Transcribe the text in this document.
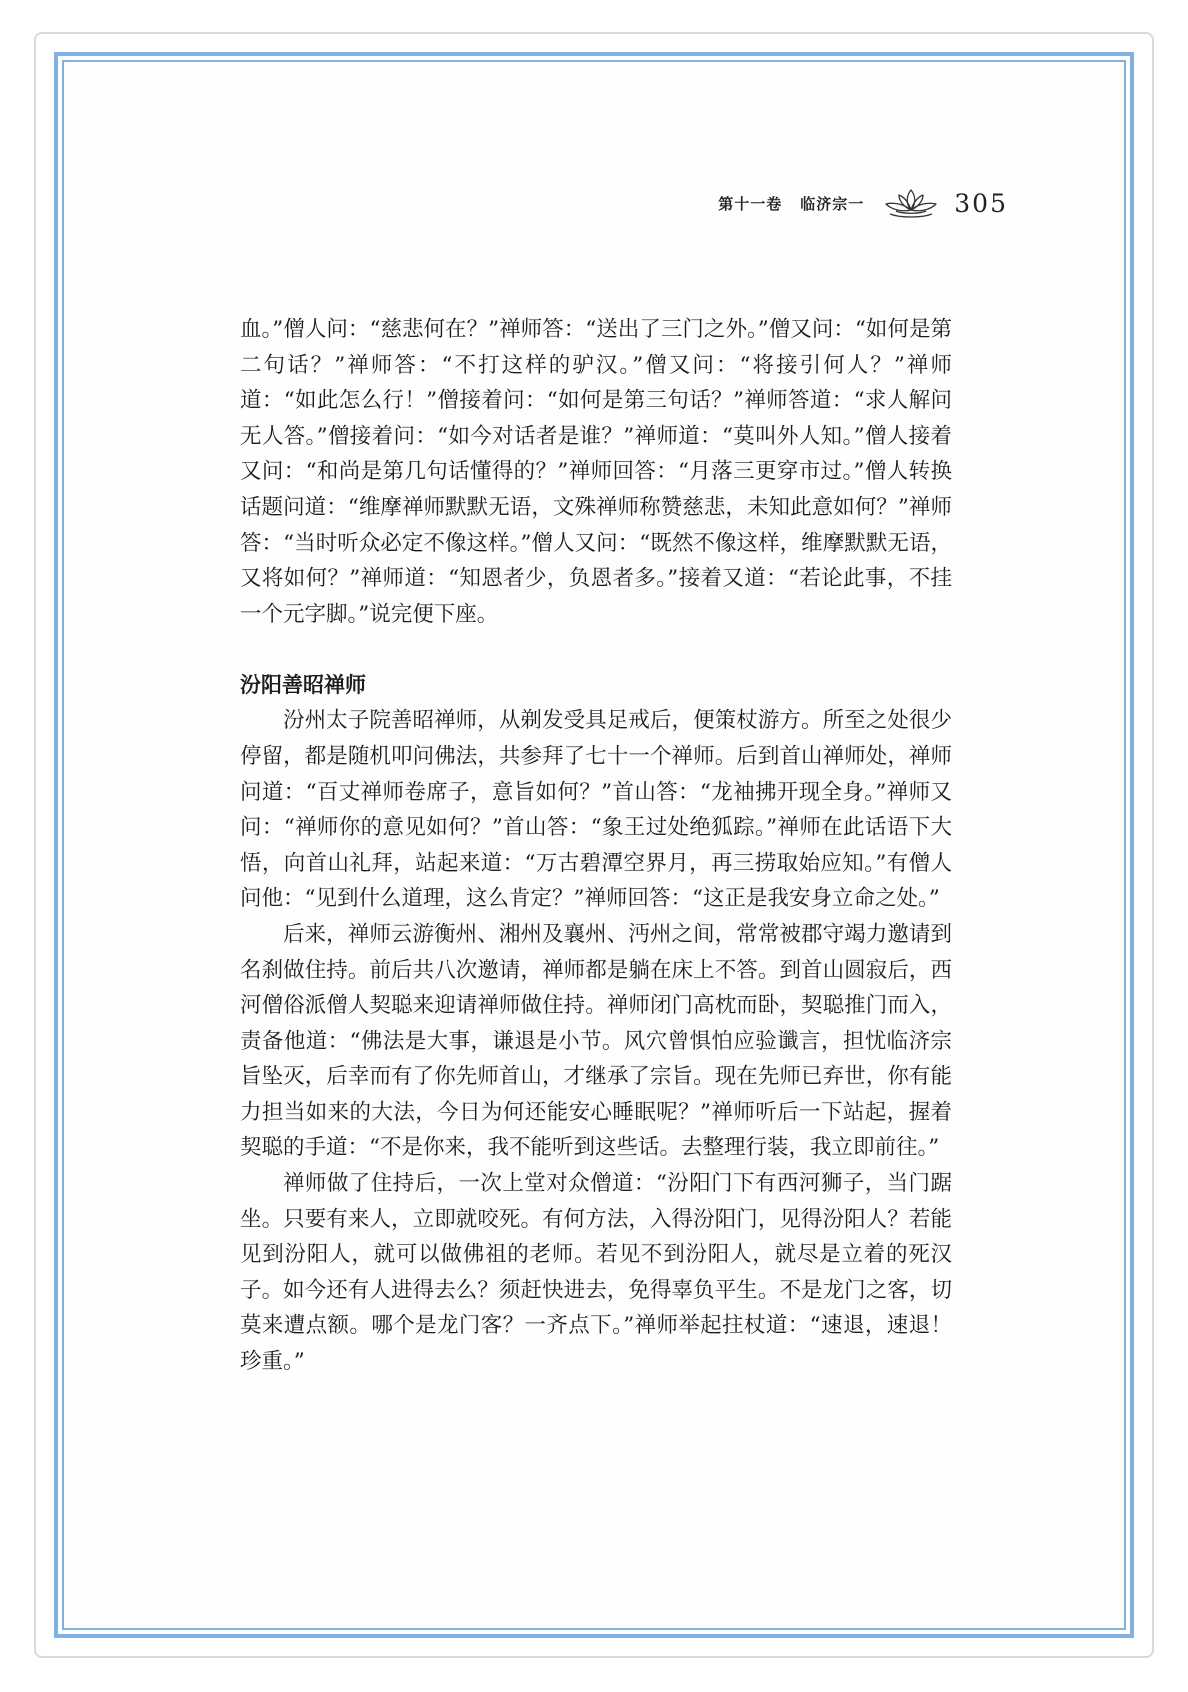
第十一卷 临济宗一	305

血。”僧人问：“慈悲何在？”禅师答：“送出了三门之外。”僧又问：“如何是第二句话？”禅师答：“不打这样的驴汉。”僧又问：“将接引何人？”禅师道：“如此怎么行！”僧接着问：“如何是第三句话？”禅师答道：“求人解问无人答。”僧接着问：“如今对话者是谁？”禅师道：“莫叫外人知。”僧人接着又问：“和尚是第几句话懂得的？”禅师回答：“月落三更穿市过。”僧人转换话题问道：“维摩禅师默默无语，文殊禅师称赞慈悲，未知此意如何？”禅师答：“当时听众必定不像这样。”僧人又问：“既然不像这样，维摩默默无语，又将如何？”禅师道：“知恩者少，负恩者多。”接着又道：“若论此事，不挂一个元字脚。”说完便下座。

汾阳善昭禅师

汾州太子院善昭禅师，从剃发受具足戒后，便策杖游方。所至之处很少停留，都是随机叩问佛法，共参拜了七十一个禅师。后到首山禅师处，禅师问道：“百丈禅师卷席子，意旨如何？”首山答：“龙袖拂开现全身。”禅师又问：“禅师你的意见如何？”首山答：“象王过处绝狐踪。”禅师在此话语下大悟，向首山礼拜，站起来道：“万古碧潭空界月，再三捞取始应知。”有僧人问他：“见到什么道理，这么肯定？”禅师回答：“这正是我安身立命之处。”

后来，禅师云游衡州、湘州及襄州、沔州之间，常常被郡守竭力邀请到名刹做住持。前后共八次邀请，禅师都是躺在床上不答。到首山圆寂后，西河僧俗派僧人契聪来迎请禅师做住持。禅师闭门高枕而卧，契聪推门而入，责备他道：“佛法是大事，谦退是小节。风穴曾惧怕应验谶言，担忧临济宗旨坠灭，后幸而有了你先师首山，才继承了宗旨。现在先师已弃世，你有能力担当如来的大法，今日为何还能安心睡眠呢？”禅师听后一下站起，握着契聪的手道：“不是你来，我不能听到这些话。去整理行装，我立即前往。”

禅师做了住持后，一次上堂对众僧道：“汾阳门下有西河狮子，当门踞坐。只要有来人，立即就咬死。有何方法，入得汾阳门，见得汾阳人？若能见到汾阳人，就可以做佛祖的老师。若见不到汾阳人，就尽是立着的死汉子。如今还有人进得去么？须赶快进去，免得辜负平生。不是龙门之客，切莫来遭点额。哪个是龙门客？一齐点下。”禅师举起拄杖道：“速退，速退！珍重。”
